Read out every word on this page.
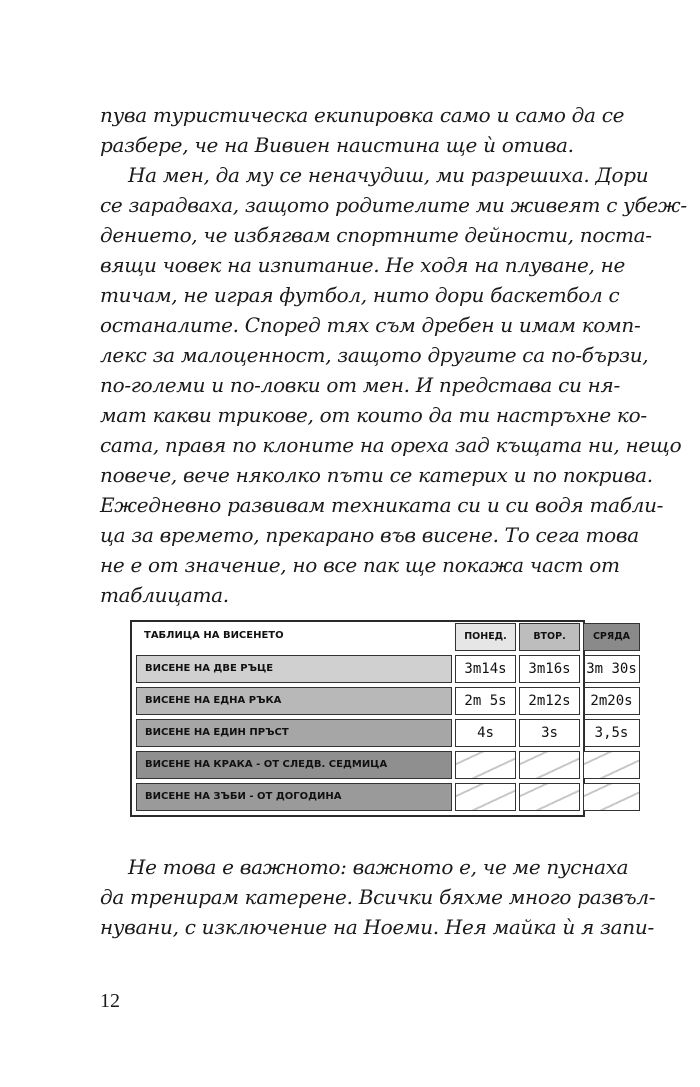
пува туристическа екипировка само и само да се
разбере, че на Вивиен наистина ще ѝ отива.

На мен, да му се неначудиш, ми разрешиха. Дори
се зарадваха, защото родителите ми живеят с убеж-
дението, че избягвам спортните дейности, поста-
вящи човек на изпитание. Не ходя на плуване, не
тичам, не играя футбол, нито дори баскетбол с
останалите. Според тях съм дребен и имам комп-
лекс за малоценност, защото другите са по-бързи,
по-големи и по-ловки от мен. И представа си ня-
мат какви трикове, от които да ти настръхне ко-
сата, правя по клоните на ореха зад къщата ни, нещо
повече, вече няколко пъти се катерих и по покрива.
Ежедневно развивам техниката си и си водя табли-
ца за времето, прекарано във висене. То сега това
не е от значение, но все пак ще покажа част от
таблицата.

ТАБЛИЦА НА ВИСЕНЕТО	ПОНЕД.	ВТОР.	СРЯДА
ВИСЕНЕ НА ДВЕ РЪЦЕ	3m14s	3m16s	3m 30s
ВИСЕНЕ НА ЕДНА РЪКА	2m 5s	2m12s	2m20s
ВИСЕНЕ НА ЕДИН ПРЪСТ	4s	3s	3,5s
ВИСЕНЕ НА КРАКА - ОТ СЛЕДВ. СЕДМИЦА
ВИСЕНЕ НА ЗЪБИ - ОТ ДОГОДИНА

Не това е важното: важното е, че ме пуснаха
да тренирам катерене. Всички бяхме много развъл-
нувани, с изключение на Ноеми. Нея майка ѝ я запи-

12
